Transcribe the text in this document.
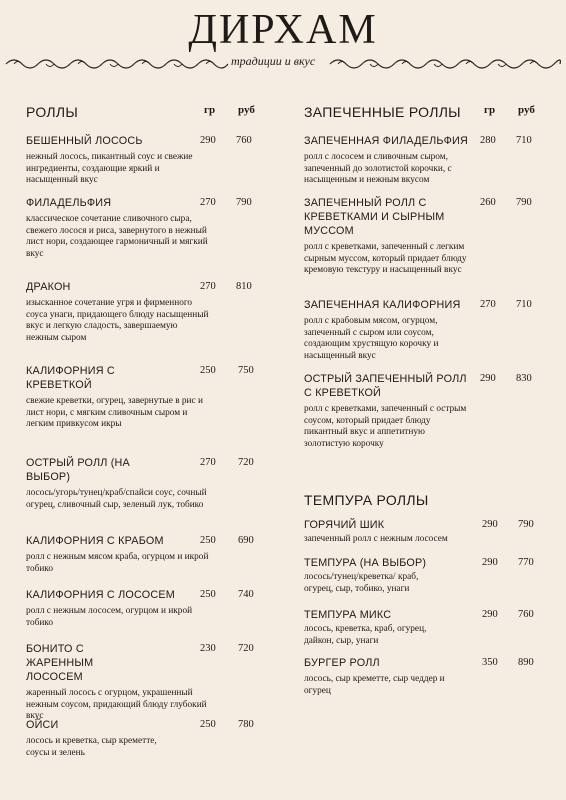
ДИРХАМ
традиции и вкус
РОЛЛЫ	гр руб
БЕШЕННЫЙ ЛОСОСЬ
нежный лосось, пикантный соус и свежие ингредиенты, создающие яркий и насыщенный вкус
290 760
ФИЛАДЕЛЬФИЯ
классическое сочетание сливочного сыра, свежего лосося и риса, завернутого в нежный лист нори, создающее гармоничный и мягкий вкус
270 790
ДРАКОН
изысканное сочетание угря и фирменного соуса унаги, придающего блюду насыщенный вкус и легкую сладость, завершаемую нежным сыром
270 810
КАЛИФОРНИЯ С КРЕВЕТКОЙ
свежие креветки, огурец, завернутые в рис и лист нори, с мягким сливочным сыром и легким привкусом икры
250 750
ОСТРЫЙ РОЛЛ (НА ВЫБОР)
лосось/угорь/тунец/краб/спайси соус, сочный огурец, сливочный сыр, зеленый лук, тобико
270 720
КАЛИФОРНИЯ С КРАБОМ
ролл с нежным мясом краба, огурцом и икрой тобико
250 690
КАЛИФОРНИЯ С ЛОСОСЕМ
ролл с нежным лососем, огурцом и икрой тобико
250 740
БОНИТО С ЖАРЕННЫМ ЛОСОСЕМ
жаренный лосось с огурцом, украшенный нежным соусом, придающий блюду глубокий вкус
230 720
ОЙСИ
лосось и креветка, сыр креметте, соусы и зелень
250 780
ЗАПЕЧЕННЫЕ РОЛЛЫ гр руб
ЗАПЕЧЕННАЯ ФИЛАДЕЛЬФИЯ
ролл с лососем и сливочным сыром, запеченный до золотистой корочки, с насыщенным и нежным вкусом
280 710
ЗАПЕЧЕННЫЙ РОЛЛ С КРЕВЕТКАМИ И СЫРНЫМ МУССОМ
ролл с креветками, запеченный с легким сырным муссом, который придает блюду кремовую текстуру и насыщенный вкус
260 790
ЗАПЕЧЕННАЯ КАЛИФОРНИЯ
ролл с крабовым мясом, огурцом, запеченный с сыром или соусом, создающим хрустящую корочку и насыщенный вкус
270 710
ОСТРЫЙ ЗАПЕЧЕННЫЙ РОЛЛ С КРЕВЕТКОЙ
ролл с креветками, запеченный с острым соусом, который придает блюду пикантный вкус и аппетитную золотистую корочку
290 830
ТЕМПУРА РОЛЛЫ
ГОРЯЧИЙ ШИК
запеченный ролл с нежным лососем
290 790
ТЕМПУРА (НА ВЫБОР)
лосось/тунец/креветка/ краб, огурец, сыр, тобико, унаги
290 770
ТЕМПУРА МИКС
лосось, креветка, краб, огурец, дайкон, сыр, унаги
290 760
БУРГЕР РОЛЛ
лосось, сыр креметте, сыр чеддер и огурец
350 890
